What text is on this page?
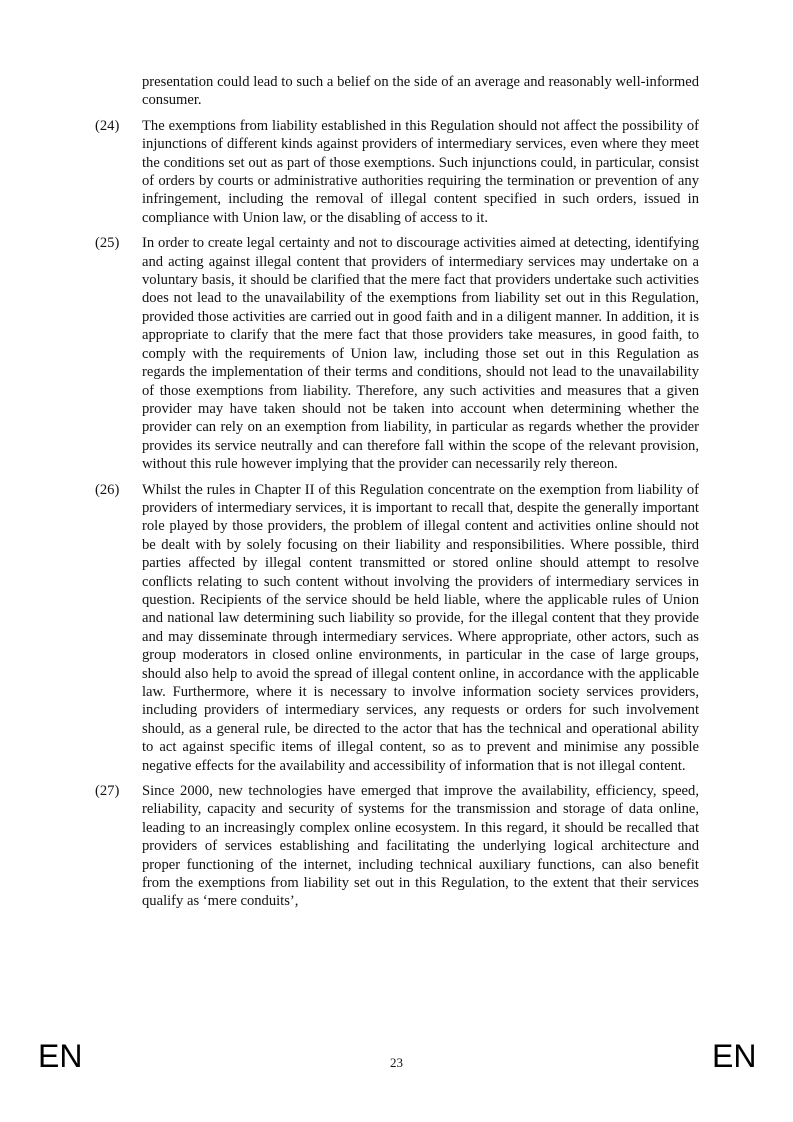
presentation could lead to such a belief on the side of an average and reasonably well-informed consumer.

(24)	The exemptions from liability established in this Regulation should not affect the possibility of injunctions of different kinds against providers of intermediary services, even where they meet the conditions set out as part of those exemptions. Such injunctions could, in particular, consist of orders by courts or administrative authorities requiring the termination or prevention of any infringement, including the removal of illegal content specified in such orders, issued in compliance with Union law, or the disabling of access to it.

(25)	In order to create legal certainty and not to discourage activities aimed at detecting, identifying and acting against illegal content that providers of intermediary services may undertake on a voluntary basis, it should be clarified that the mere fact that providers undertake such activities does not lead to the unavailability of the exemptions from liability set out in this Regulation, provided those activities are carried out in good faith and in a diligent manner. In addition, it is appropriate to clarify that the mere fact that those providers take measures, in good faith, to comply with the requirements of Union law, including those set out in this Regulation as regards the implementation of their terms and conditions, should not lead to the unavailability of those exemptions from liability. Therefore, any such activities and measures that a given provider may have taken should not be taken into account when determining whether the provider can rely on an exemption from liability, in particular as regards whether the provider provides its service neutrally and can therefore fall within the scope of the relevant provision, without this rule however implying that the provider can necessarily rely thereon.

(26)	Whilst the rules in Chapter II of this Regulation concentrate on the exemption from liability of providers of intermediary services, it is important to recall that, despite the generally important role played by those providers, the problem of illegal content and activities online should not be dealt with by solely focusing on their liability and responsibilities. Where possible, third parties affected by illegal content transmitted or stored online should attempt to resolve conflicts relating to such content without involving the providers of intermediary services in question. Recipients of the service should be held liable, where the applicable rules of Union and national law determining such liability so provide, for the illegal content that they provide and may disseminate through intermediary services. Where appropriate, other actors, such as group moderators in closed online environments, in particular in the case of large groups, should also help to avoid the spread of illegal content online, in accordance with the applicable law. Furthermore, where it is necessary to involve information society services providers, including providers of intermediary services, any requests or orders for such involvement should, as a general rule, be directed to the actor that has the technical and operational ability to act against specific items of illegal content, so as to prevent and minimise any possible negative effects for the availability and accessibility of information that is not illegal content.

(27)	Since 2000, new technologies have emerged that improve the availability, efficiency, speed, reliability, capacity and security of systems for the transmission and storage of data online, leading to an increasingly complex online ecosystem. In this regard, it should be recalled that providers of services establishing and facilitating the underlying logical architecture and proper functioning of the internet, including technical auxiliary functions, can also benefit from the exemptions from liability set out in this Regulation, to the extent that their services qualify as ‘mere conduits’,

EN	23	EN
